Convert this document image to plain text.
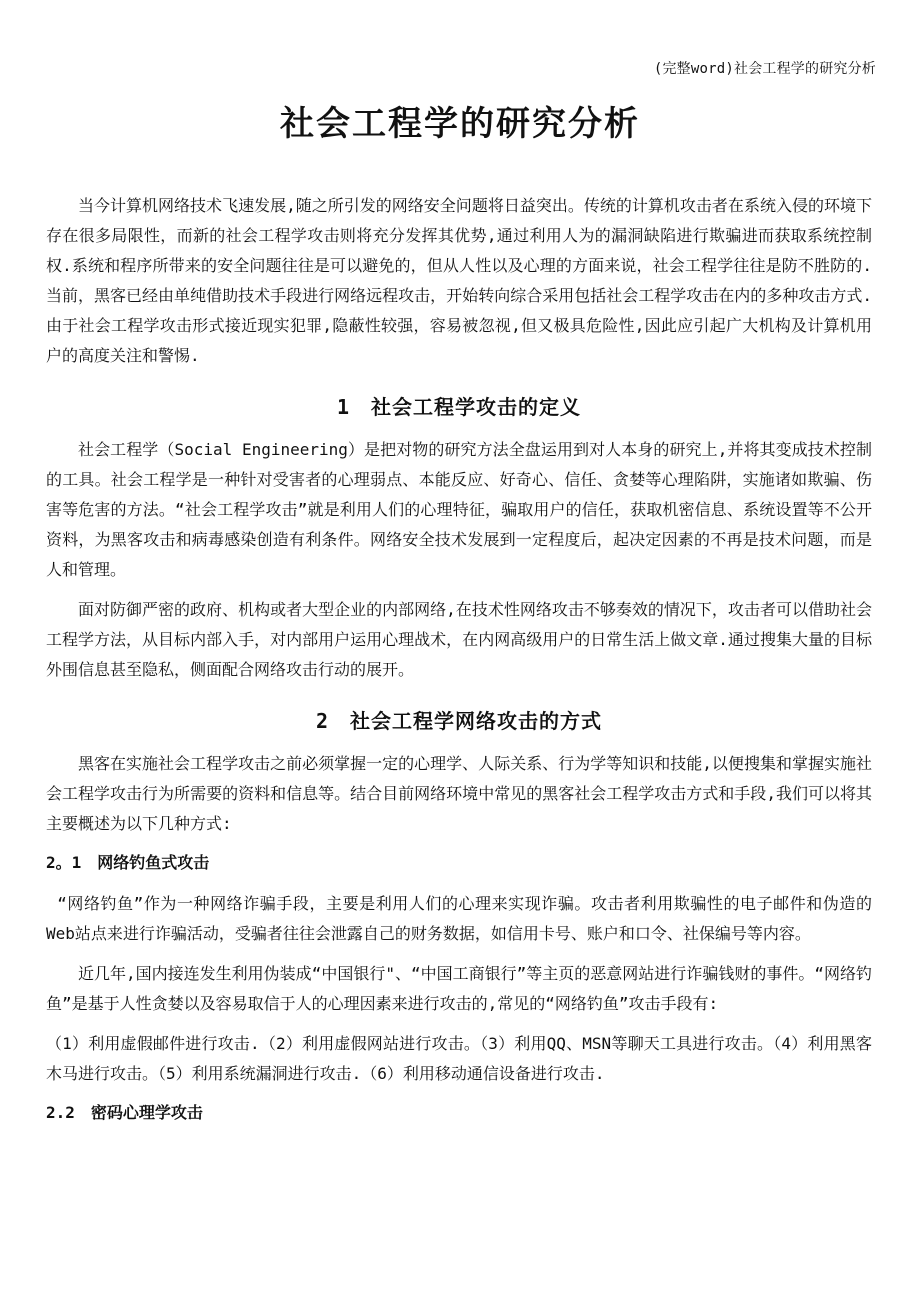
(完整word)社会工程学的研究分析
社会工程学的研究分析

当今计算机网络技术飞速发展,随之所引发的网络安全问题将日益突出。传统的计算机攻击者在系统入侵的环境下存在很多局限性，而新的社会工程学攻击则将充分发挥其优势,通过利用人为的漏洞缺陷进行欺骗进而获取系统控制权.系统和程序所带来的安全问题往往是可以避免的，但从人性以及心理的方面来说，社会工程学往往是防不胜防的.当前，黑客已经由单纯借助技术手段进行网络远程攻击，开始转向综合采用包括社会工程学攻击在内的多种攻击方式.由于社会工程学攻击形式接近现实犯罪,隐蔽性较强，容易被忽视,但又极具危险性,因此应引起广大机构及计算机用户的高度关注和警惕.

1　社会工程学攻击的定义

社会工程学（Social Engineering）是把对物的研究方法全盘运用到对人本身的研究上,并将其变成技术控制的工具。社会工程学是一种针对受害者的心理弱点、本能反应、好奇心、信任、贪婪等心理陷阱，实施诸如欺骗、伤害等危害的方法。“社会工程学攻击”就是利用人们的心理特征，骗取用户的信任，获取机密信息、系统设置等不公开资料，为黑客攻击和病毒感染创造有利条件。网络安全技术发展到一定程度后，起决定因素的不再是技术问题，而是人和管理。

面对防御严密的政府、机构或者大型企业的内部网络,在技术性网络攻击不够奏效的情况下，攻击者可以借助社会工程学方法，从目标内部入手，对内部用户运用心理战术，在内网高级用户的日常生活上做文章.通过搜集大量的目标外围信息甚至隐私，侧面配合网络攻击行动的展开。

2　社会工程学网络攻击的方式

黑客在实施社会工程学攻击之前必须掌握一定的心理学、人际关系、行为学等知识和技能,以便搜集和掌握实施社会工程学攻击行为所需要的资料和信息等。结合目前网络环境中常见的黑客社会工程学攻击方式和手段,我们可以将其主要概述为以下几种方式:

2。1　网络钓鱼式攻击

“网络钓鱼”作为一种网络诈骗手段，主要是利用人们的心理来实现诈骗。攻击者利用欺骗性的电子邮件和伪造的Web站点来进行诈骗活动，受骗者往往会泄露自己的财务数据，如信用卡号、账户和口令、社保编号等内容。

近几年,国内接连发生利用伪装成“中国银行"、“中国工商银行”等主页的恶意网站进行诈骗钱财的事件。“网络钓鱼”是基于人性贪婪以及容易取信于人的心理因素来进行攻击的,常见的“网络钓鱼”攻击手段有:

（1）利用虚假邮件进行攻击.（2）利用虚假网站进行攻击。（3）利用QQ、MSN等聊天工具进行攻击。（4）利用黑客木马进行攻击。（5）利用系统漏洞进行攻击.（6）利用移动通信设备进行攻击.

2.2　密码心理学攻击
